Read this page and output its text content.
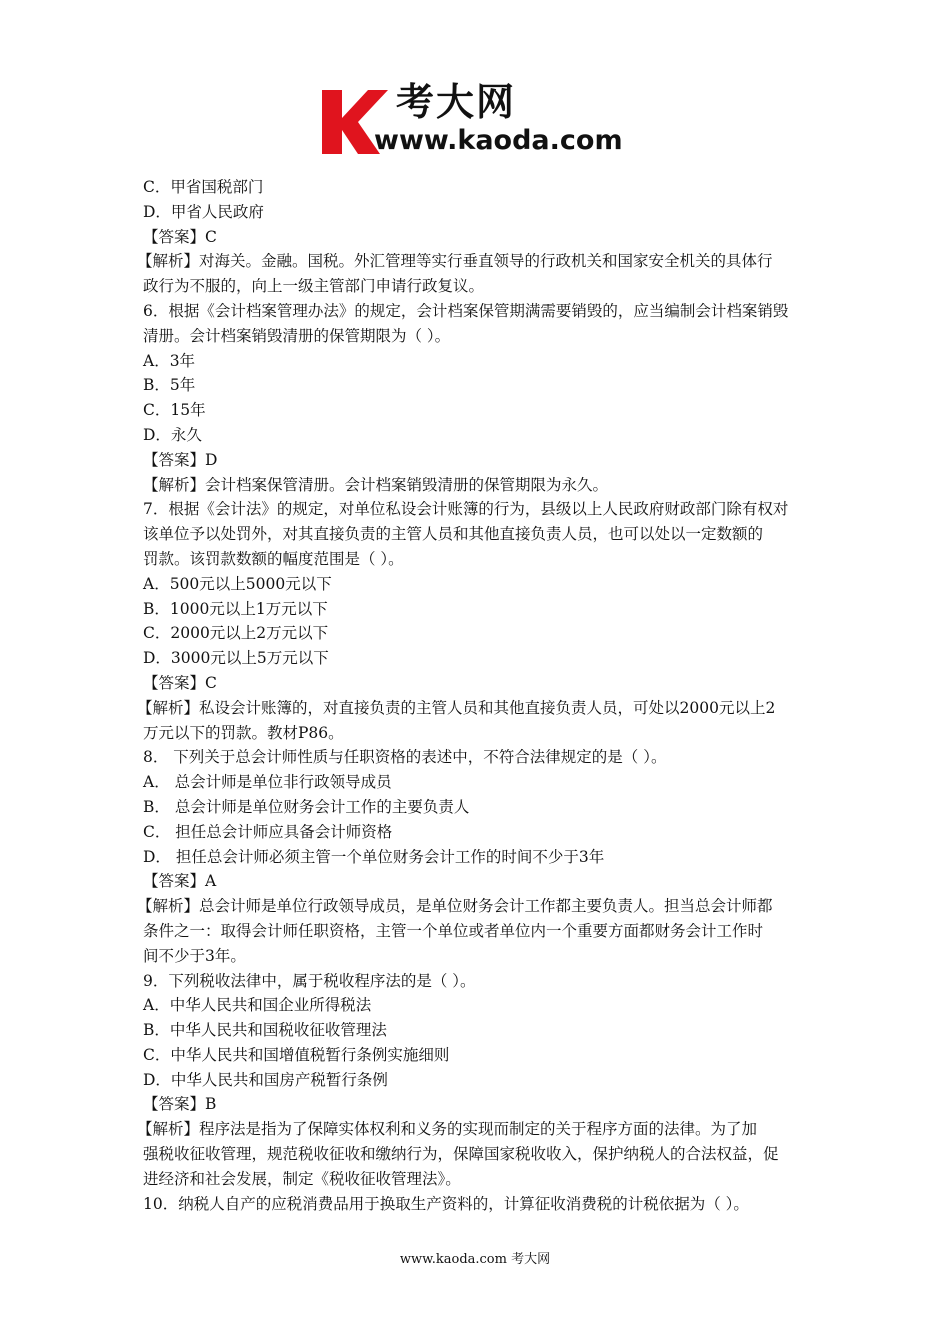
考大网
www.kaoda.com
C．甲省国税部门
D．甲省人民政府
【答案】C
【解析】对海关。金融。国税。外汇管理等实行垂直领导的行政机关和国家安全机关的具体行
政行为不服的，向上一级主管部门申请行政复议。
6．根据《会计档案管理办法》的规定，会计档案保管期满需要销毁的，应当编制会计档案销毁
清册。会计档案销毁清册的保管期限为（ ）。
A．3年
B．5年
C．15年
D．永久
【答案】D
【解析】会计档案保管清册。会计档案销毁清册的保管期限为永久。
7．根据《会计法》的规定，对单位私设会计账簿的行为，县级以上人民政府财政部门除有权对
该单位予以处罚外，对其直接负责的主管人员和其他直接负责人员，也可以处以一定数额的
罚款。该罚款数额的幅度范围是（ ）。
A．500元以上5000元以下
B．1000元以上1万元以下
C．2000元以上2万元以下
D．3000元以上5万元以下
【答案】C
【解析】私设会计账簿的，对直接负责的主管人员和其他直接负责人员，可处以2000元以上2
万元以下的罚款。教材P86。
8． 下列关于总会计师性质与任职资格的表述中，不符合法律规定的是（ ）。
A． 总会计师是单位非行政领导成员
B． 总会计师是单位财务会计工作的主要负责人
C． 担任总会计师应具备会计师资格
D． 担任总会计师必须主管一个单位财务会计工作的时间不少于3年
【答案】A
【解析】总会计师是单位行政领导成员，是单位财务会计工作都主要负责人。担当总会计师都
条件之一：取得会计师任职资格，主管一个单位或者单位内一个重要方面都财务会计工作时
间不少于3年。
9．下列税收法律中，属于税收程序法的是（ ）。
A．中华人民共和国企业所得税法
B．中华人民共和国税收征收管理法
C．中华人民共和国增值税暂行条例实施细则
D．中华人民共和国房产税暂行条例
【答案】B
【解析】程序法是指为了保障实体权利和义务的实现而制定的关于程序方面的法律。为了加
强税收征收管理，规范税收征收和缴纳行为，保障国家税收收入，保护纳税人的合法权益，促
进经济和社会发展，制定《税收征收管理法》。
10．纳税人自产的应税消费品用于换取生产资料的，计算征收消费税的计税依据为（ ）。
www.kaoda.com 考大网
